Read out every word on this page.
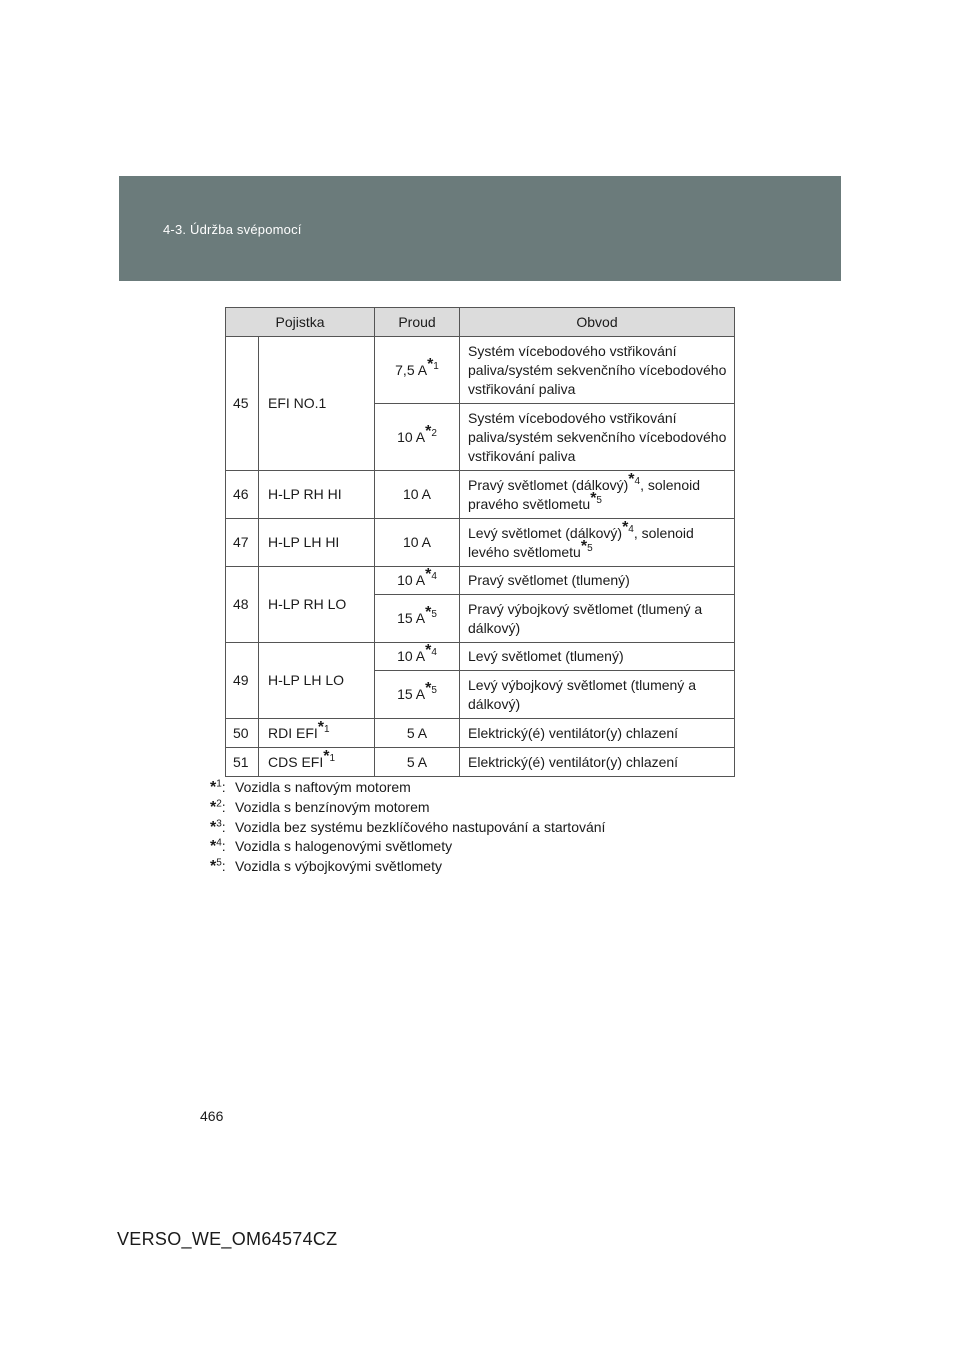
4-3. Údržba svépomocí
Pojistka		Proud	Obvod
45	EFI NO.1	7,5 $A^{*1}$	Systém vícebodového vstřikování paliva/systém sekvenčního vícebodového vstřikování paliva
		10 $A^{*2}$	Systém vícebodového vstřikování paliva/systém sekvenčního vícebodového vstřikování paliva
46	H-LP RH HI	10 A	Pravý světlomet (dálkový)$^{*4}$, solenoid pravého světlometu$^{*5}$
47	H-LP LH HI	10 A	Levý světlomet (dálkový)$^{*4}$, solenoid levého světlometu$^{*5}$
48	H-LP RH LO	10 $A^{*4}$	Pravý světlomet (tlumený)
		15 $A^{*5}$	Pravý výbojkový světlomet (tlumený a dálkový)
49	H-LP LH LO	10 $A^{*4}$	Levý světlomet (tlumený)
		15 $A^{*5}$	Levý výbojkový světlomet (tlumený a dálkový)
50	RDI EFI$^{*1}$	5 A	Elektrický(é) ventilátor(y) chlazení
51	CDS EFI$^{*1}$	5 A	Elektrický(é) ventilátor(y) chlazení
*$^1$: Vozidla s naftovým motorem
*$^2$: Vozidla s benzínovým motorem
*$^3$: Vozidla bez systému bezklíčového nastupování a startování
*$^4$: Vozidla s halogenovými světlomety
*$^5$: Vozidla s výbojkovými světlomety
466
VERSO_WE_OM64574CZ
